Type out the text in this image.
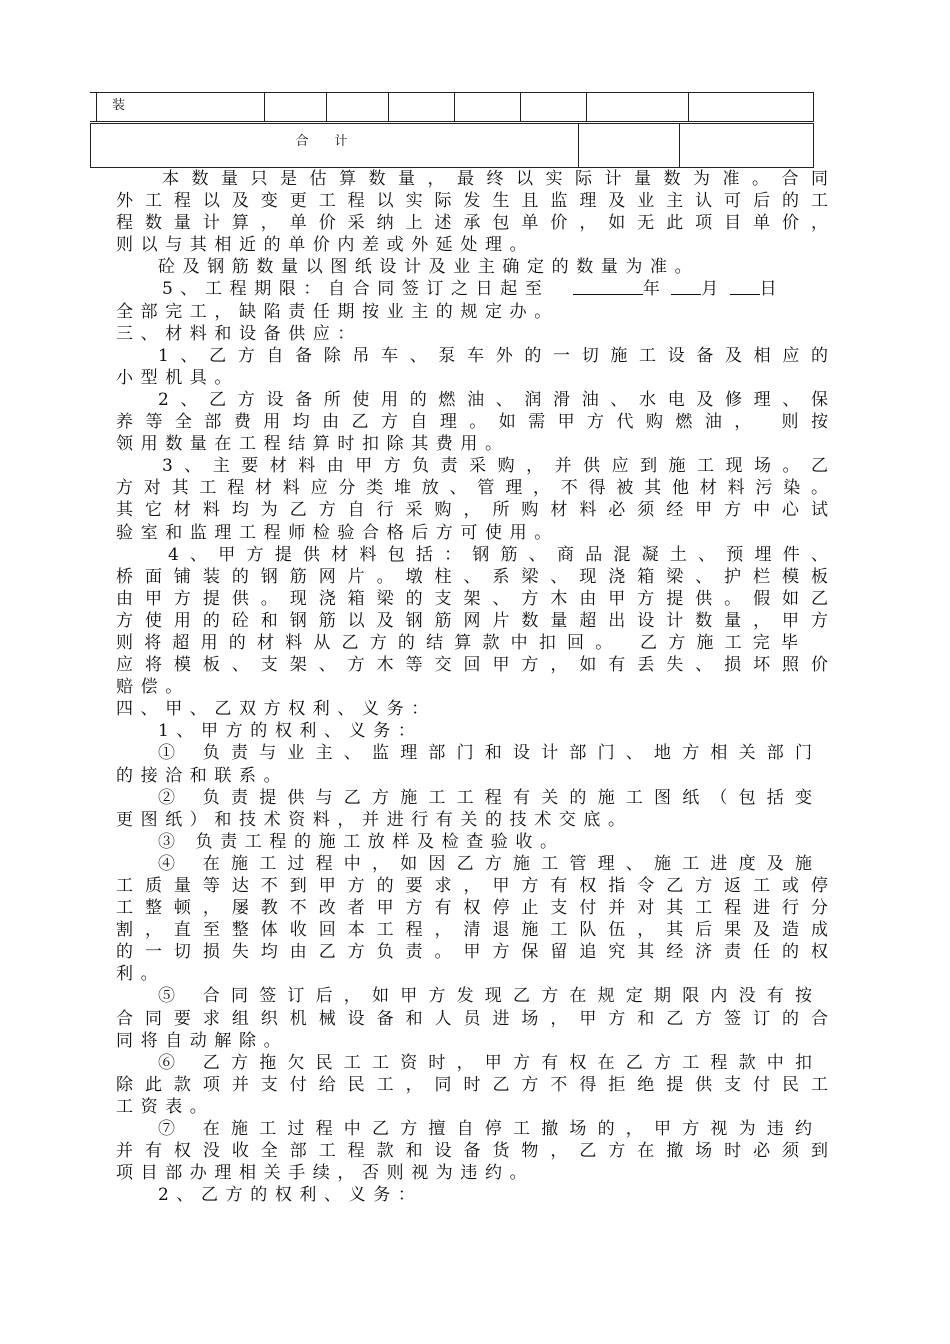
装
合计
本数量只是估算数量，最终以实际计量数为准。合同
外工程以及变更工程以实际发生且监理及业主认可后的工
程数量计算，单价采纳上述承包单价，如无此项目单价，
则以与其相近的单价内差或外延处理。
砼及钢筋数量以图纸设计及业主确定的数量为准。
5、工程期限：自合同签订之日起至	年 月 日
全部完工，缺陷责任期按业主的规定办。
三、材料和设备供应：
1、乙方自备除吊车、泵车外的一切施工设备及相应的
小型机具。
2、乙方设备所使用的燃油、润滑油、水电及修理、保
养等全部费用均由乙方自理。如需甲方代购燃油， 则按
领用数量在工程结算时扣除其费用。
3、主要材料由甲方负责采购，并供应到施工现场。乙
方对其工程材料应分类堆放、管理，不得被其他材料污染。
其它材料均为乙方自行采购，所购材料必须经甲方中心试
验室和监理工程师检验合格后方可使用。
4、甲方提供材料包括：钢筋、商品混凝土、预埋件、
桥面铺装的钢筋网片。墩柱、系梁、现浇箱梁、护栏模板
由甲方提供。现浇箱梁的支架、方木由甲方提供。假如乙
方使用的砼和钢筋以及钢筋网片数量超出设计数量，甲方
则将超用的材料从乙方的结算款中扣回。 乙方施工完毕
应将模板、支架、方木等交回甲方，如有丢失、损坏照价
赔偿。
四、甲、乙双方权利、义务：
1、甲方的权利、义务：
① 负责与业主、监理部门和设计部门、地方相关部门
的接洽和联系。
② 负责提供与乙方施工工程有关的施工图纸（包括变
更图纸）和技术资料，并进行有关的技术交底。
③ 负责工程的施工放样及检查验收。
④ 在施工过程中，如因乙方施工管理、施工进度及施
工质量等达不到甲方的要求，甲方有权指令乙方返工或停
工整顿，屡教不改者甲方有权停止支付并对其工程进行分
割，直至整体收回本工程，清退施工队伍，其后果及造成
的一切损失均由乙方负责。甲方保留追究其经济责任的权
利。
⑤ 合同签订后，如甲方发现乙方在规定期限内没有按
合同要求组织机械设备和人员进场，甲方和乙方签订的合
同将自动解除。
⑥ 乙方拖欠民工工资时，甲方有权在乙方工程款中扣
除此款项并支付给民工，同时乙方不得拒绝提供支付民工
工资表。
⑦ 在施工过程中乙方擅自停工撤场的，甲方视为违约
并有权没收全部工程款和设备货物，乙方在撤场时必须到
项目部办理相关手续，否则视为违约。
2、乙方的权利、义务：
